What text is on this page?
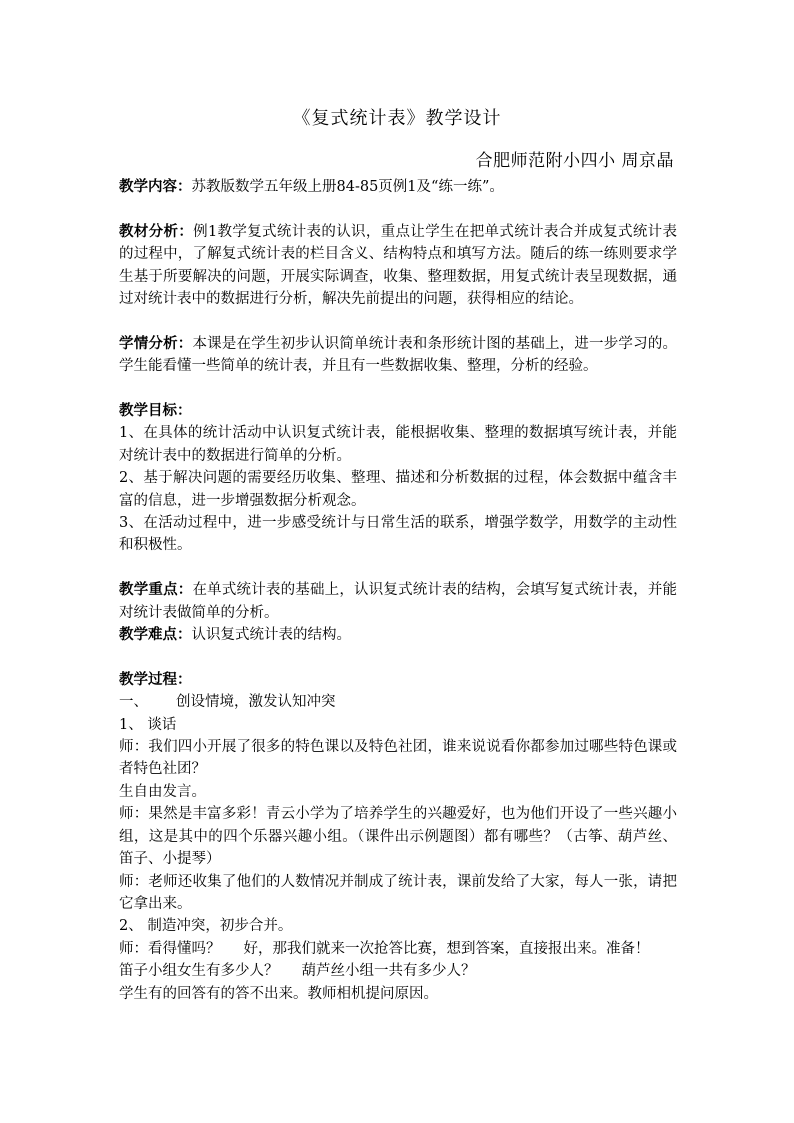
《复式统计表》教学设计
合肥师范附小四小 周京晶

教学内容：苏教版数学五年级上册84-85页例1及“练一练”。

教材分析：例1教学复式统计表的认识，重点让学生在把单式统计表合并成复式统计表的过程中，了解复式统计表的栏目含义、结构特点和填写方法。随后的练一练则要求学生基于所要解决的问题，开展实际调查，收集、整理数据，用复式统计表呈现数据，通过对统计表中的数据进行分析，解决先前提出的问题，获得相应的结论。

学情分析：本课是在学生初步认识简单统计表和条形统计图的基础上，进一步学习的。学生能看懂一些简单的统计表，并且有一些数据收集、整理，分析的经验。

教学目标：

1、在具体的统计活动中认识复式统计表，能根据收集、整理的数据填写统计表，并能对统计表中的数据进行简单的分析。

2、基于解决问题的需要经历收集、整理、描述和分析数据的过程，体会数据中蕴含丰富的信息，进一步增强数据分析观念。

3、在活动过程中，进一步感受统计与日常生活的联系，增强学数学，用数学的主动性和积极性。

教学重点：在单式统计表的基础上，认识复式统计表的结构，会填写复式统计表，并能对统计表做简单的分析。

教学难点：认识复式统计表的结构。

教学过程：

一、 创设情境，激发认知冲突

1、 谈话

师：我们四小开展了很多的特色课以及特色社团，谁来说说看你都参加过哪些特色课或者特色社团？

生自由发言。

师：果然是丰富多彩！青云小学为了培养学生的兴趣爱好，也为他们开设了一些兴趣小组，这是其中的四个乐器兴趣小组。（课件出示例题图）都有哪些？（古筝、葫芦丝、笛子、小提琴）

师：老师还收集了他们的人数情况并制成了统计表，课前发给了大家，每人一张，请把它拿出来。

2、 制造冲突，初步合并。

师：看得懂吗？     好，那我们就来一次抢答比赛，想到答案，直接报出来。准备！

笛子小组女生有多少人？     葫芦丝小组一共有多少人？

学生有的回答有的答不出来。教师相机提问原因。
